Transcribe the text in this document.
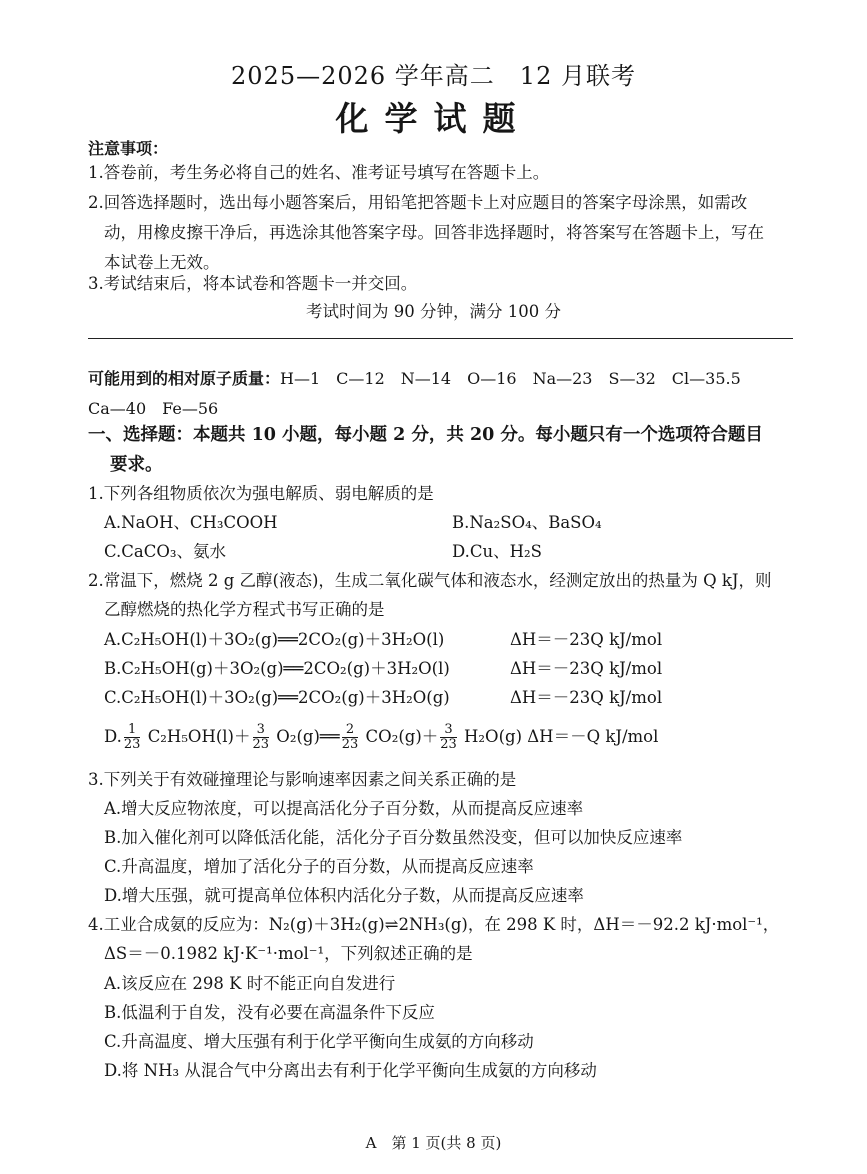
2025—2026 学年高二　12 月联考
化学试题
注意事项：
1.答卷前，考生务必将自己的姓名、准考证号填写在答题卡上。
2.回答选择题时，选出每小题答案后，用铅笔把答题卡上对应题目的答案字母涂黑，如需改
动，用橡皮擦干净后，再选涂其他答案字母。回答非选择题时，将答案写在答题卡上，写在
本试卷上无效。
3.考试结束后，将本试卷和答题卡一并交回。
考试时间为 90 分钟，满分 100 分
可能用到的相对原子质量：H—1　C—12　N—14　O—16　Na—23　S—32　Cl—35.5
Ca—40　Fe—56
一、选择题：本题共 10 小题，每小题 2 分，共 20 分。每小题只有一个选项符合题目
要求。
1.下列各组物质依次为强电解质、弱电解质的是
A.NaOH、CH₃COOH	B.Na₂SO₄、BaSO₄
C.CaCO₃、氨水	D.Cu、H₂S
2.常温下，燃烧 2 g 乙醇(液态)，生成二氧化碳气体和液态水，经测定放出的热量为 Q kJ，则
乙醇燃烧的热化学方程式书写正确的是
A.C₂H₅OH(l)＋3O₂(g)══2CO₂(g)＋3H₂O(l)	ΔH＝－23Q kJ/mol
B.C₂H₅OH(g)＋3O₂(g)══2CO₂(g)＋3H₂O(l)	ΔH＝－23Q kJ/mol
C.C₂H₅OH(l)＋3O₂(g)══2CO₂(g)＋3H₂O(g)	ΔH＝－23Q kJ/mol
D. $\frac{1}{23} C_2H_5OH(l)+ \frac{3}{23}$ O₂(g)══ $\frac{2}{23} CO_2(g)+ \frac{3}{23} H_2O(g)$ ΔH＝－Q kJ/mol
3.下列关于有效碰撞理论与影响速率因素之间关系正确的是
A.增大反应物浓度，可以提高活化分子百分数，从而提高反应速率
B.加入催化剂可以降低活化能，活化分子百分数虽然没变，但可以加快反应速率
C.升高温度，增加了活化分子的百分数，从而提高反应速率
D.增大压强，就可提高单位体积内活化分子数，从而提高反应速率
4.工业合成氨的反应为：N₂(g)＋3H₂(g)⇌2NH₃(g)，在 298 K 时，ΔH＝－92.2 kJ·mol⁻¹，
ΔS＝－0.1982 kJ·K⁻¹·mol⁻¹，下列叙述正确的是
A.该反应在 298 K 时不能正向自发进行
B.低温利于自发，没有必要在高温条件下反应
C.升高温度、增大压强有利于化学平衡向生成氨的方向移动
D.将 NH₃ 从混合气中分离出去有利于化学平衡向生成氨的方向移动
A　第 1 页(共 8 页)
